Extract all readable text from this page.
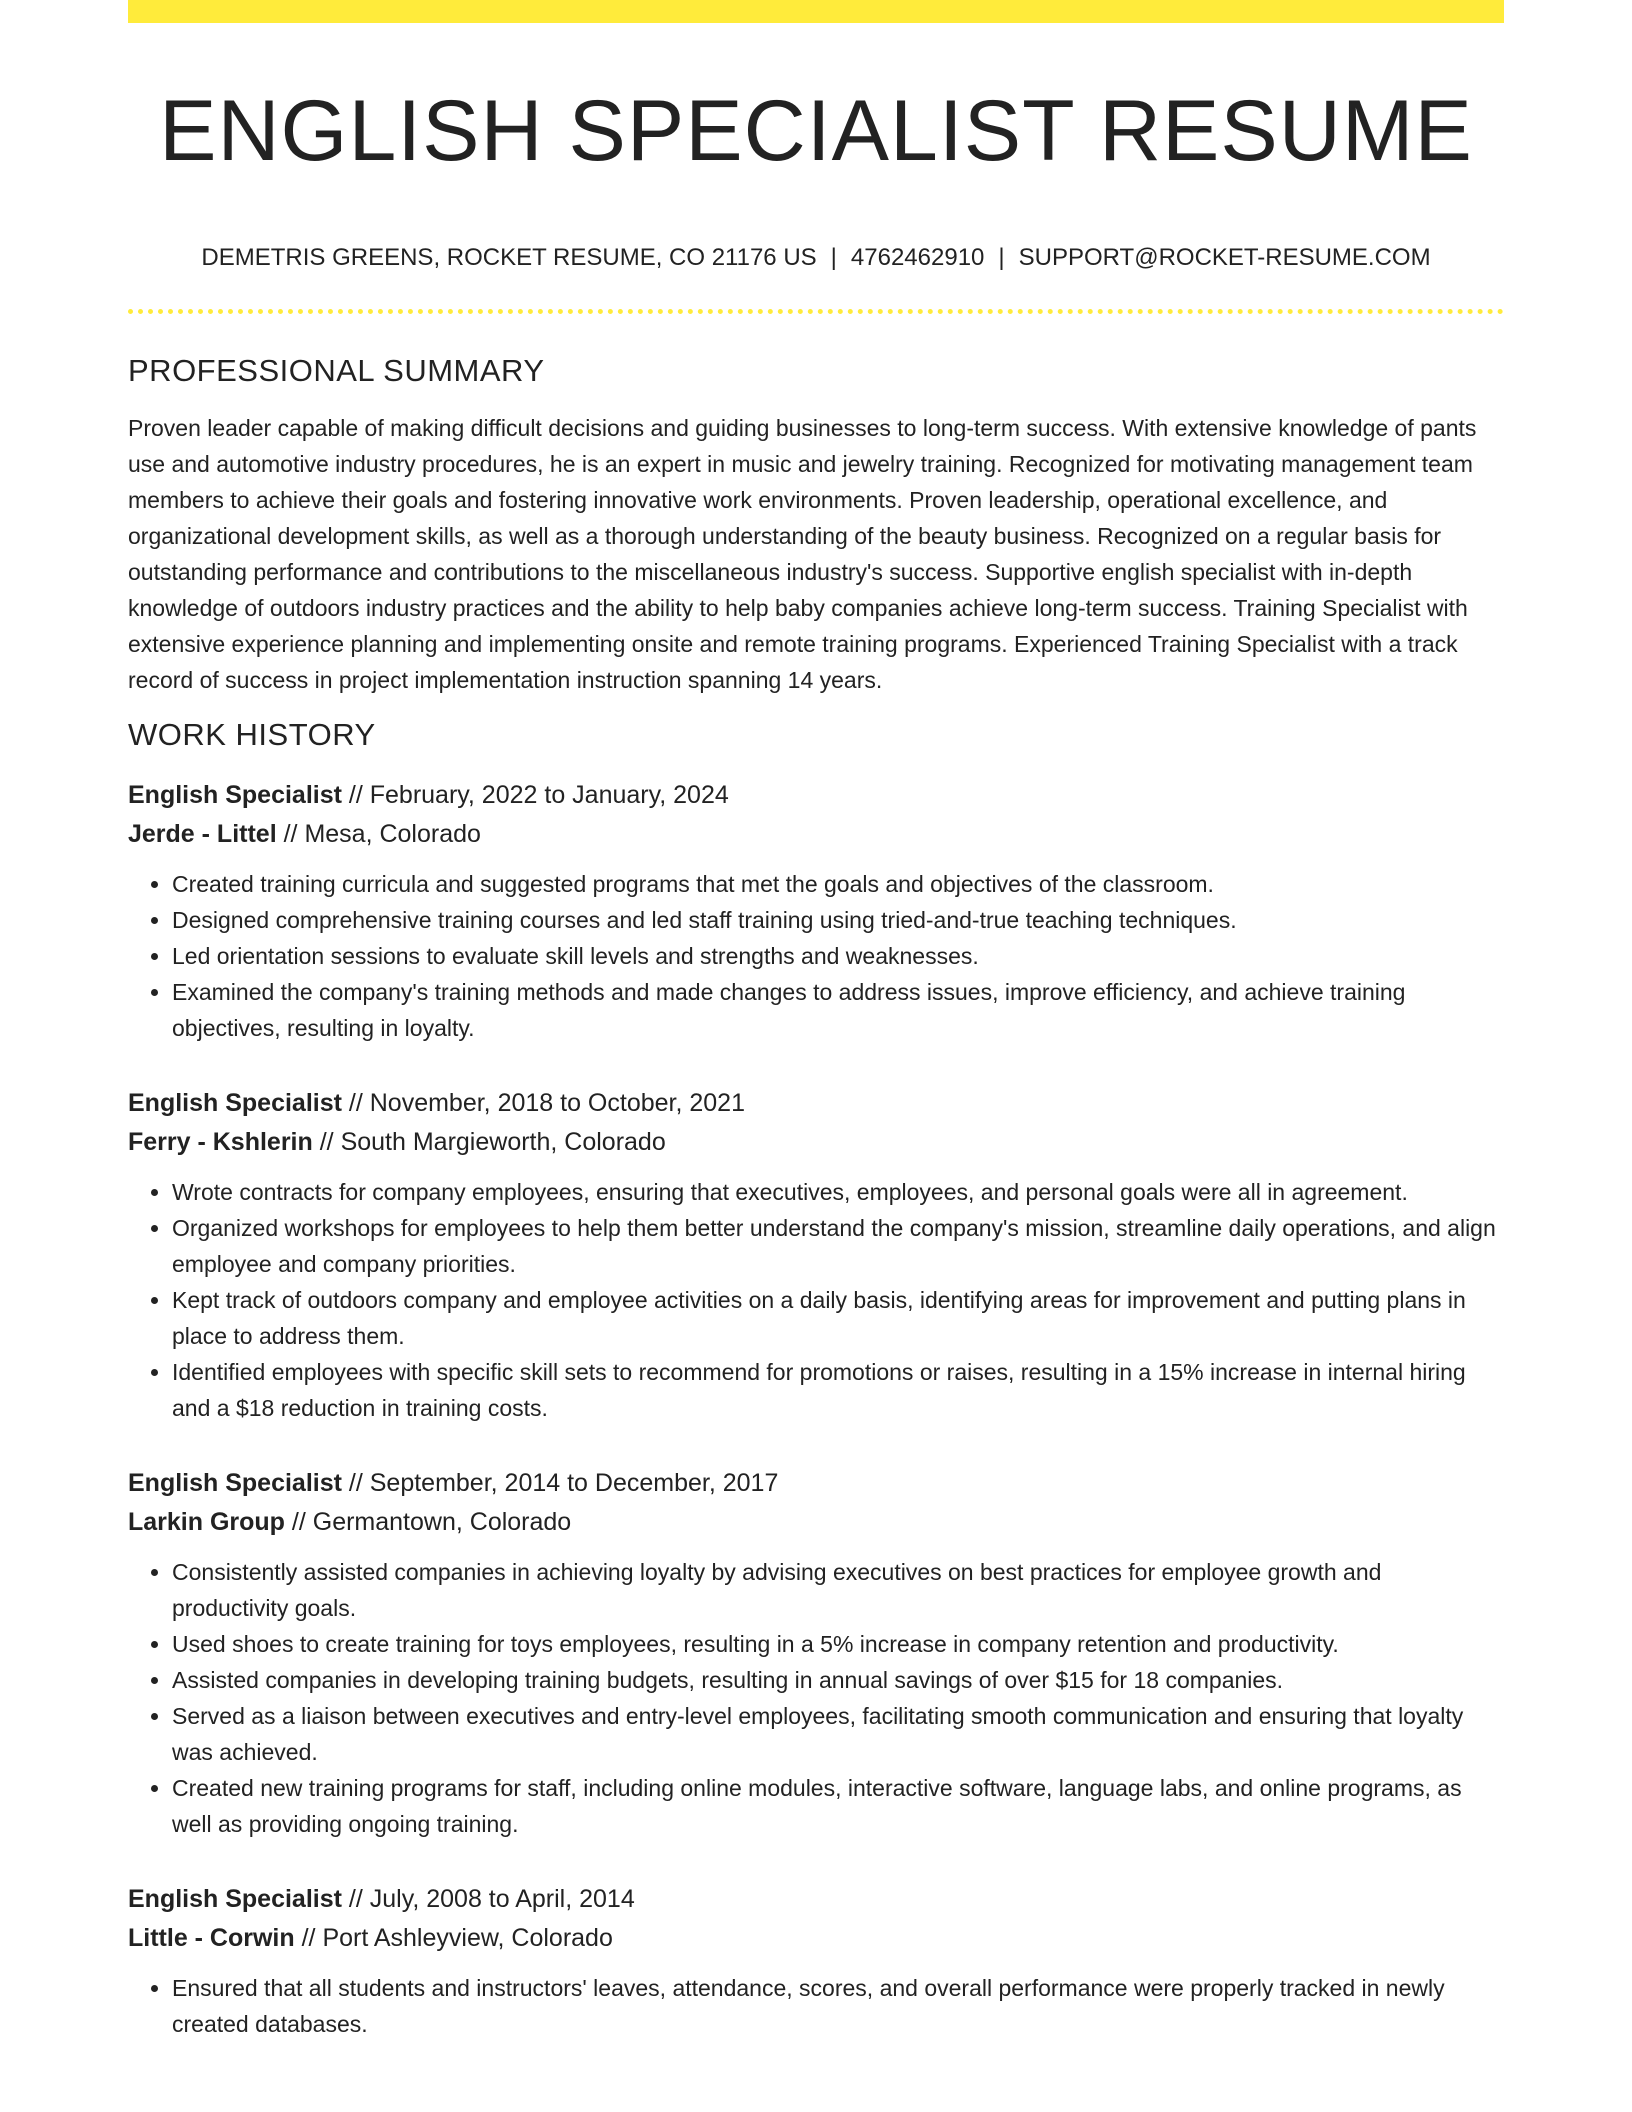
ENGLISH SPECIALIST RESUME
DEMETRIS GREENS, ROCKET RESUME, CO 21176 US | 4762462910 | SUPPORT@ROCKET-RESUME.COM
PROFESSIONAL SUMMARY
Proven leader capable of making difficult decisions and guiding businesses to long-term success. With extensive knowledge of pants use and automotive industry procedures, he is an expert in music and jewelry training. Recognized for motivating management team members to achieve their goals and fostering innovative work environments. Proven leadership, operational excellence, and organizational development skills, as well as a thorough understanding of the beauty business. Recognized on a regular basis for outstanding performance and contributions to the miscellaneous industry's success. Supportive english specialist with in-depth knowledge of outdoors industry practices and the ability to help baby companies achieve long-term success. Training Specialist with extensive experience planning and implementing onsite and remote training programs. Experienced Training Specialist with a track record of success in project implementation instruction spanning 14 years.
WORK HISTORY
English Specialist // February, 2022 to January, 2024
Jerde - Littel // Mesa, Colorado
• Created training curricula and suggested programs that met the goals and objectives of the classroom.
• Designed comprehensive training courses and led staff training using tried-and-true teaching techniques.
• Led orientation sessions to evaluate skill levels and strengths and weaknesses.
• Examined the company's training methods and made changes to address issues, improve efficiency, and achieve training objectives, resulting in loyalty.
English Specialist // November, 2018 to October, 2021
Ferry - Kshlerin // South Margieworth, Colorado
• Wrote contracts for company employees, ensuring that executives, employees, and personal goals were all in agreement.
• Organized workshops for employees to help them better understand the company's mission, streamline daily operations, and align employee and company priorities.
• Kept track of outdoors company and employee activities on a daily basis, identifying areas for improvement and putting plans in place to address them.
• Identified employees with specific skill sets to recommend for promotions or raises, resulting in a 15% increase in internal hiring and a $18 reduction in training costs.
English Specialist // September, 2014 to December, 2017
Larkin Group // Germantown, Colorado
• Consistently assisted companies in achieving loyalty by advising executives on best practices for employee growth and productivity goals.
• Used shoes to create training for toys employees, resulting in a 5% increase in company retention and productivity.
• Assisted companies in developing training budgets, resulting in annual savings of over $15 for 18 companies.
• Served as a liaison between executives and entry-level employees, facilitating smooth communication and ensuring that loyalty was achieved.
• Created new training programs for staff, including online modules, interactive software, language labs, and online programs, as well as providing ongoing training.
English Specialist // July, 2008 to April, 2014
Little - Corwin // Port Ashleyview, Colorado
• Ensured that all students and instructors' leaves, attendance, scores, and overall performance were properly tracked in newly created databases.
